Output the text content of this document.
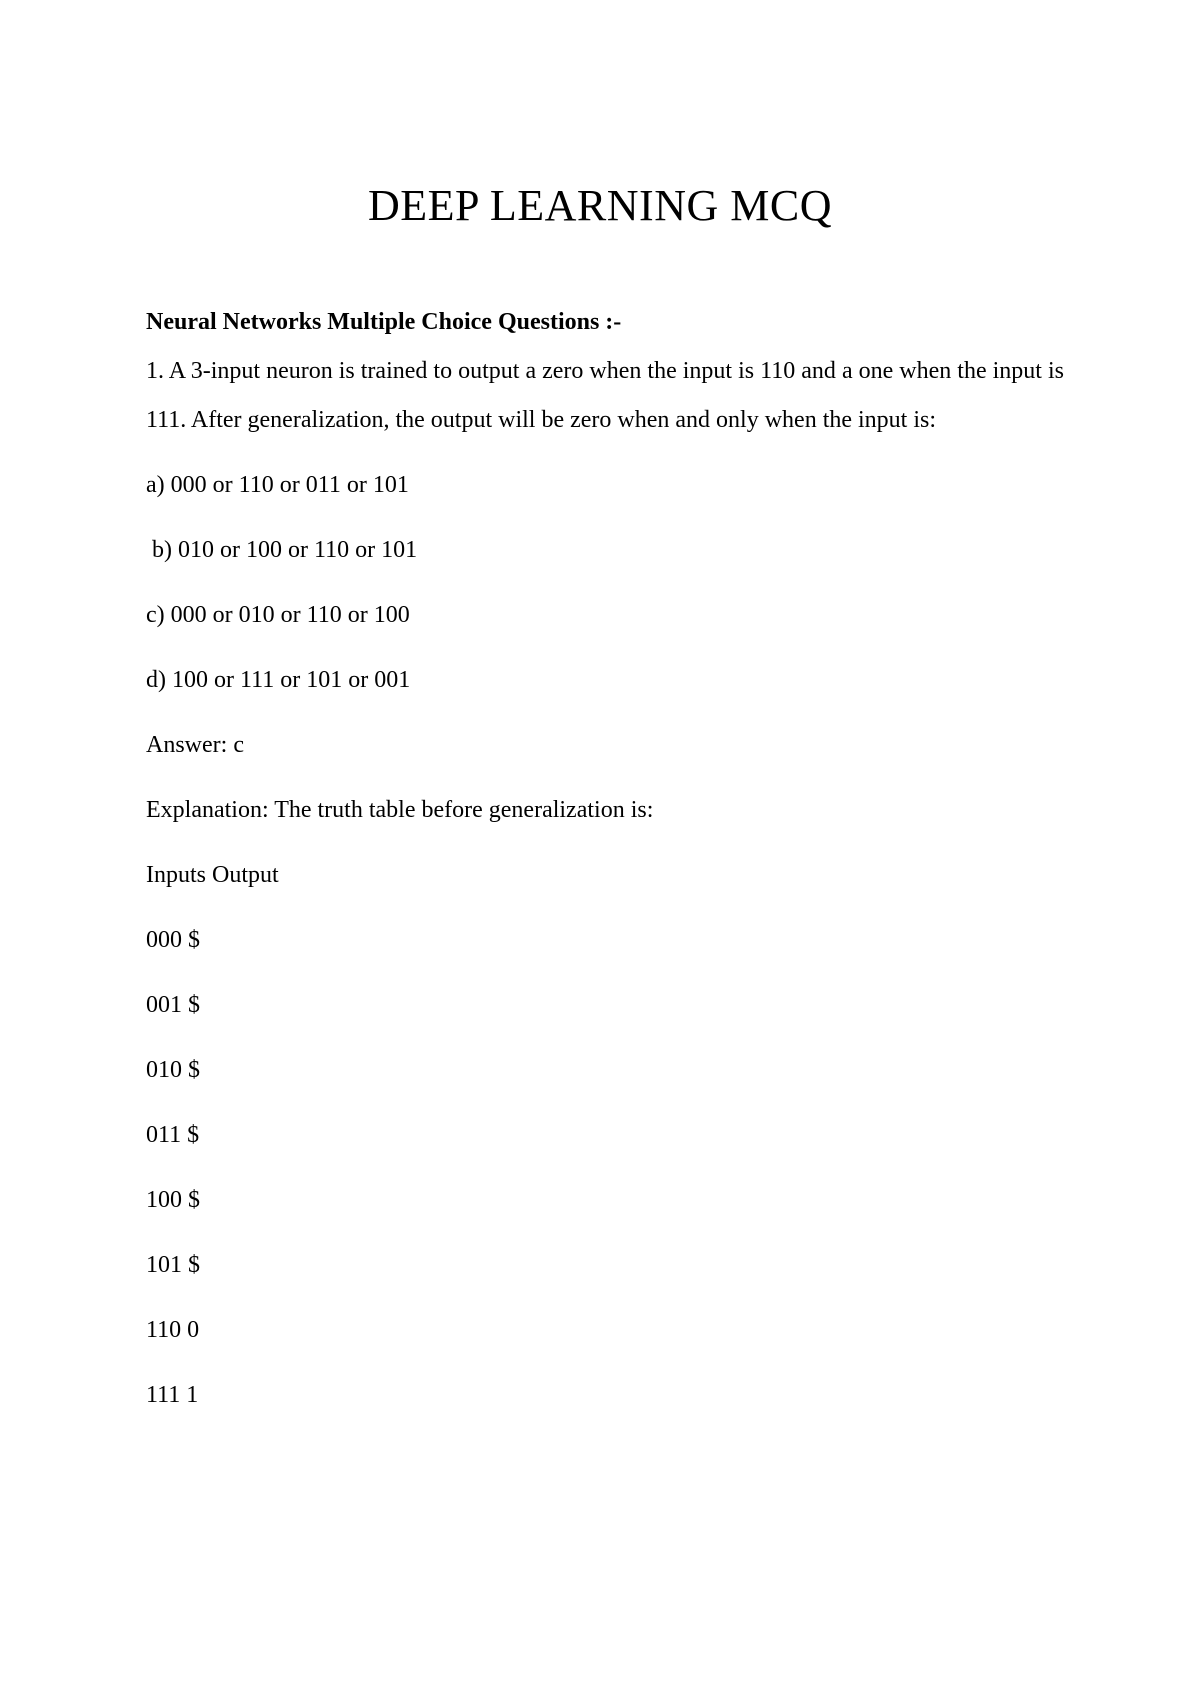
DEEP LEARNING MCQ

Neural Networks Multiple Choice Questions :-

1. A 3-input neuron is trained to output a zero when the input is 110 and a one when the input is 111. After generalization, the output will be zero when and only when the input is:

a) 000 or 110 or 011 or 101

b) 010 or 100 or 110 or 101

c) 000 or 010 or 110 or 100

d) 100 or 111 or 101 or 001

Answer: c

Explanation: The truth table before generalization is:

Inputs Output

000 $

001 $

010 $

011 $

100 $

101 $

110 0

111 1
